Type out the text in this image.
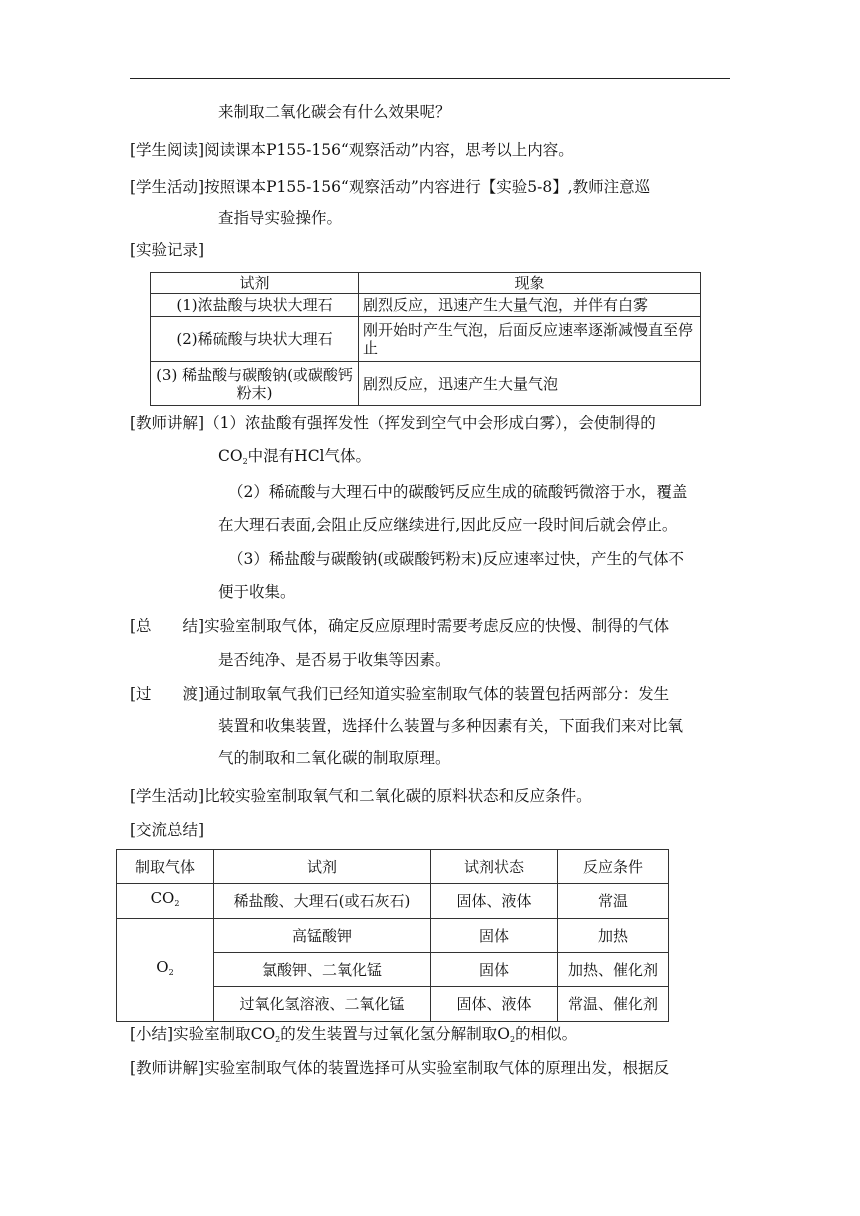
来制取二氧化碳会有什么效果呢？
[学生阅读]阅读课本P155-156“观察活动”内容，思考以上内容。
[学生活动]按照课本P155-156“观察活动”内容进行【实验5-8】,教师注意巡
查指导实验操作。
[实验记录]
试剂	现象
(1)浓盐酸与块状大理石	剧烈反应，迅速产生大量气泡，并伴有白雾
(2)稀硫酸与块状大理石	刚开始时产生气泡，后面反应速率逐渐减慢直至停止
(3) 稀盐酸与碳酸钠(或碳酸钙粉末)	剧烈反应，迅速产生大量气泡
[教师讲解]（1）浓盐酸有强挥发性（挥发到空气中会形成白雾），会使制得的
$CO_2$中混有HCl气体。
（2）稀硫酸与大理石中的碳酸钙反应生成的硫酸钙微溶于水，覆盖
在大理石表面,会阻止反应继续进行,因此反应一段时间后就会停止。
（3）稀盐酸与碳酸钠(或碳酸钙粉末)反应速率过快，产生的气体不
便于收集。
[总　　结]实验室制取气体，确定反应原理时需要考虑反应的快慢、制得的气体
是否纯净、是否易于收集等因素。
[过　　渡]通过制取氧气我们已经知道实验室制取气体的装置包括两部分：发生
装置和收集装置，选择什么装置与多种因素有关，下面我们来对比氧
气的制取和二氧化碳的制取原理。
[学生活动]比较实验室制取氧气和二氧化碳的原料状态和反应条件。
[交流总结]
制取气体	试剂	试剂状态	反应条件
$CO_2$	稀盐酸、大理石(或石灰石)	固体、液体	常温
$O_2$	高锰酸钾	固体	加热
	氯酸钾、二氧化锰	固体	加热、催化剂
	过氧化氢溶液、二氧化锰	固体、液体	常温、催化剂
[小结]实验室制取$CO_2$的发生装置与过氧化氢分解制取$O_2$的相似。
[教师讲解]实验室制取气体的装置选择可从实验室制取气体的原理出发，根据反
